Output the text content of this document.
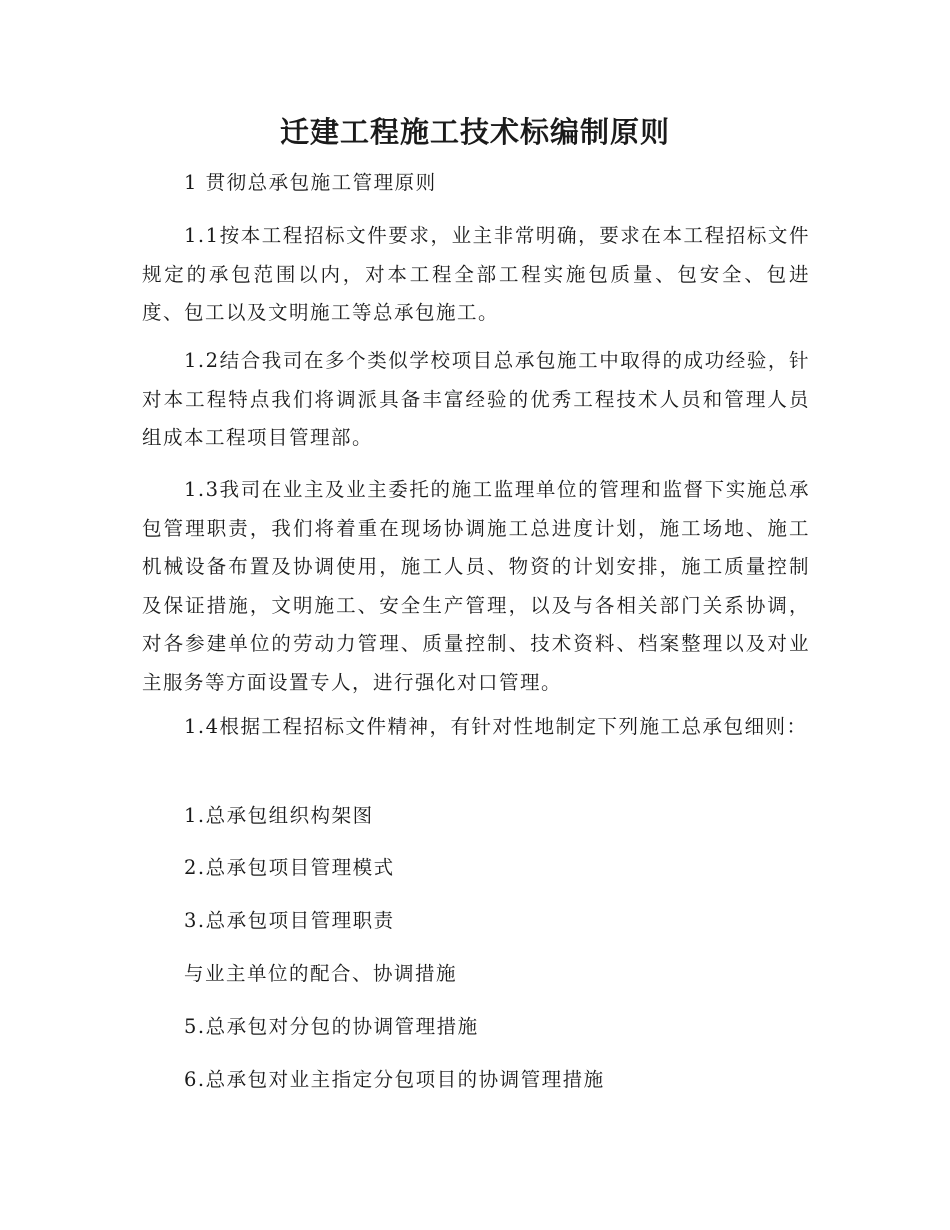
迁建工程施工技术标编制原则

1 贯彻总承包施工管理原则

1.1按本工程招标文件要求，业主非常明确，要求在本工程招标文件规定的承包范围以内，对本工程全部工程实施包质量、包安全、包进度、包工以及文明施工等总承包施工。

1.2结合我司在多个类似学校项目总承包施工中取得的成功经验，针对本工程特点我们将调派具备丰富经验的优秀工程技术人员和管理人员组成本工程项目管理部。

1.3我司在业主及业主委托的施工监理单位的管理和监督下实施总承包管理职责，我们将着重在现场协调施工总进度计划，施工场地、施工机械设备布置及协调使用，施工人员、物资的计划安排，施工质量控制及保证措施，文明施工、安全生产管理，以及与各相关部门关系协调，对各参建单位的劳动力管理、质量控制、技术资料、档案整理以及对业主服务等方面设置专人，进行强化对口管理。

1.4根据工程招标文件精神，有针对性地制定下列施工总承包细则：

1.总承包组织构架图

2.总承包项目管理模式

3.总承包项目管理职责

与业主单位的配合、协调措施

5.总承包对分包的协调管理措施

6.总承包对业主指定分包项目的协调管理措施
